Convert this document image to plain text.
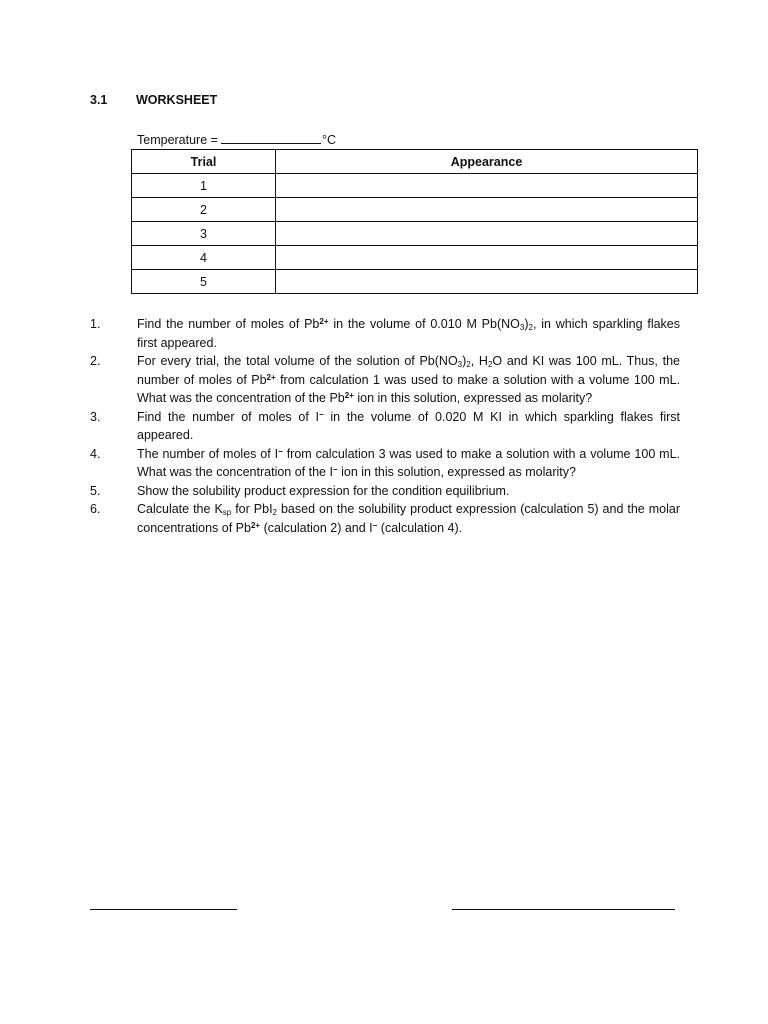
3.1 WORKSHEET
Temperature =	°C
Trial	Appearance
1	
2	
3	
4	
5	
1.	Find the number of moles of $Pb^{2+}$ in the volume of 0.010 M $Pb(NO_3)_2$, in which sparkling flakes first appeared.
2.	For every trial, the total volume of the solution of $Pb(NO_3)_2$, $H_2O$ and KI was 100 mL. Thus, the number of moles of $Pb^{2+}$ from calculation 1 was used to make a solution with a volume 100 mL. What was the concentration of the $Pb^{2+}$ ion in this solution, expressed as molarity?
3.	Find the number of moles of I− in the volume of 0.020 M KI in which sparkling flakes first appeared.
4.	The number of moles of I− from calculation 3 was used to make a solution with a volume 100 mL. What was the concentration of the I− ion in this solution, expressed as molarity?
5.	Show the solubility product expression for the condition equilibrium.
6.	Calculate the $K_{sp}$ for PbI$_2$ based on the solubility product expression (calculation 5) and the molar concentrations of $Pb^{2+}$ (calculation 2) and I− (calculation 4).
